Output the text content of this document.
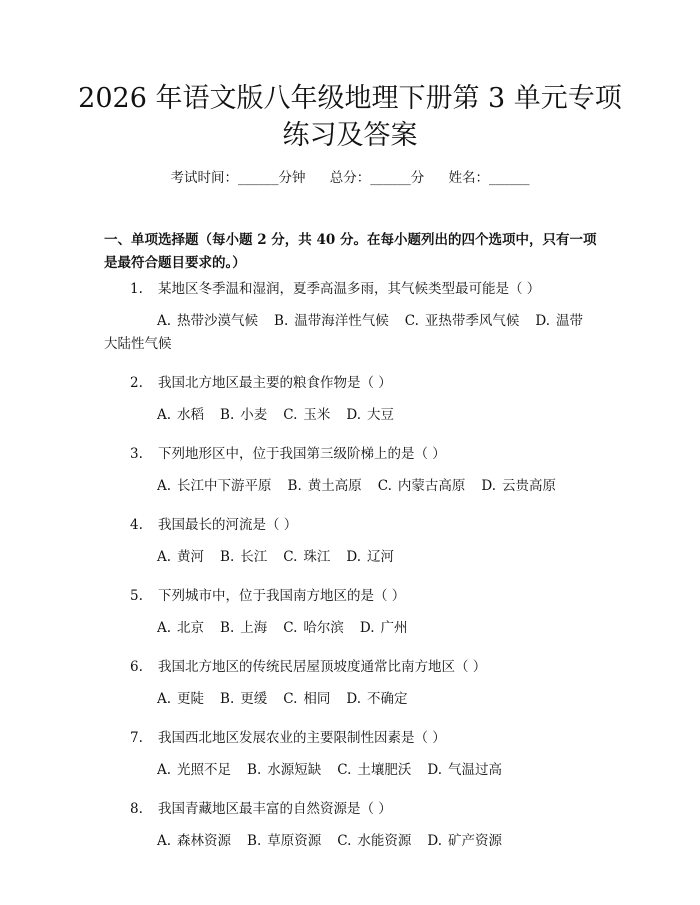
2026 年语文版八年级地理下册第 3 单元专项
练习及答案
考试时间：______分钟 总分：______分 姓名：______

一、单项选择题（每小题 2 分，共 40 分。在每小题列出的四个选项中，只有一项是最符合题目要求的。）

1. 某地区冬季温和湿润，夏季高温多雨，其气候类型最可能是（ ）
A. 热带沙漠气候 B. 温带海洋性气候 C. 亚热带季风气候 D. 温带大陆性气候
2. 我国北方地区最主要的粮食作物是（ ）
A. 水稻 B. 小麦 C. 玉米 D. 大豆
3. 下列地形区中，位于我国第三级阶梯上的是（ ）
A. 长江中下游平原 B. 黄土高原 C. 内蒙古高原 D. 云贵高原
4. 我国最长的河流是（ ）
A. 黄河 B. 长江 C. 珠江 D. 辽河
5. 下列城市中，位于我国南方地区的是（ ）
A. 北京 B. 上海 C. 哈尔滨 D. 广州
6. 我国北方地区的传统民居屋顶坡度通常比南方地区（ ）
A. 更陡 B. 更缓 C. 相同 D. 不确定
7. 我国西北地区发展农业的主要限制性因素是（ ）
A. 光照不足 B. 水源短缺 C. 土壤肥沃 D. 气温过高
8. 我国青藏地区最丰富的自然资源是（ ）
A. 森林资源 B. 草原资源 C. 水能资源 D. 矿产资源
